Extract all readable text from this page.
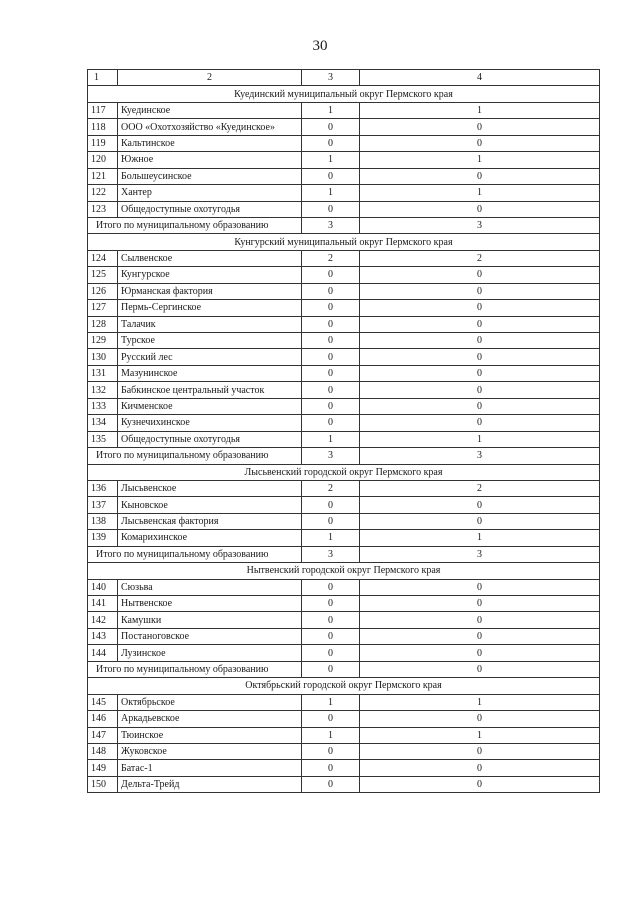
30
1	2	3	4
Куединский муниципальный округ Пермского края			
117	Куединское	1	1
118	ООО «Охотхозяйство «Куединское»	0	0
119	Кальтинское	0	0
120	Южное	1	1
121	Большеусинское	0	0
122	Хантер	1	1
123	Общедоступные охотугодья	0	0
Итого по муниципальному образованию		3	3
Кунгурский муниципальный округ Пермского края			
124	Сылвенское	2	2
125	Кунгурское	0	0
126	Юрманская фактория	0	0
127	Пермь-Сергинское	0	0
128	Талачик	0	0
129	Турское	0	0
130	Русский лес	0	0
131	Мазунинское	0	0
132	Бабкинское центральный участок	0	0
133	Кичменское	0	0
134	Кузнечихинское	0	0
135	Общедоступные охотугодья	1	1
Итого по муниципальному образованию		3	3
Лысьвенский городской округ Пермского края			
136	Лысьвенское	2	2
137	Кыновское	0	0
138	Лысьвенская фактория	0	0
139	Комарихинское	1	1
Итого по муниципальному образованию		3	3
Нытвенский городской округ Пермского края			
140	Сюзьва	0	0
141	Нытвенское	0	0
142	Камушки	0	0
143	Постаноговское	0	0
144	Лузинское	0	0
Итого по муниципальному образованию		0	0
Октябрьский городской округ Пермского края			
145	Октябрьское	1	1
146	Аркадьевское	0	0
147	Тюинское	1	1
148	Жуковское	0	0
149	Батас-1	0	0
150	Дельта-Трейд	0	0
